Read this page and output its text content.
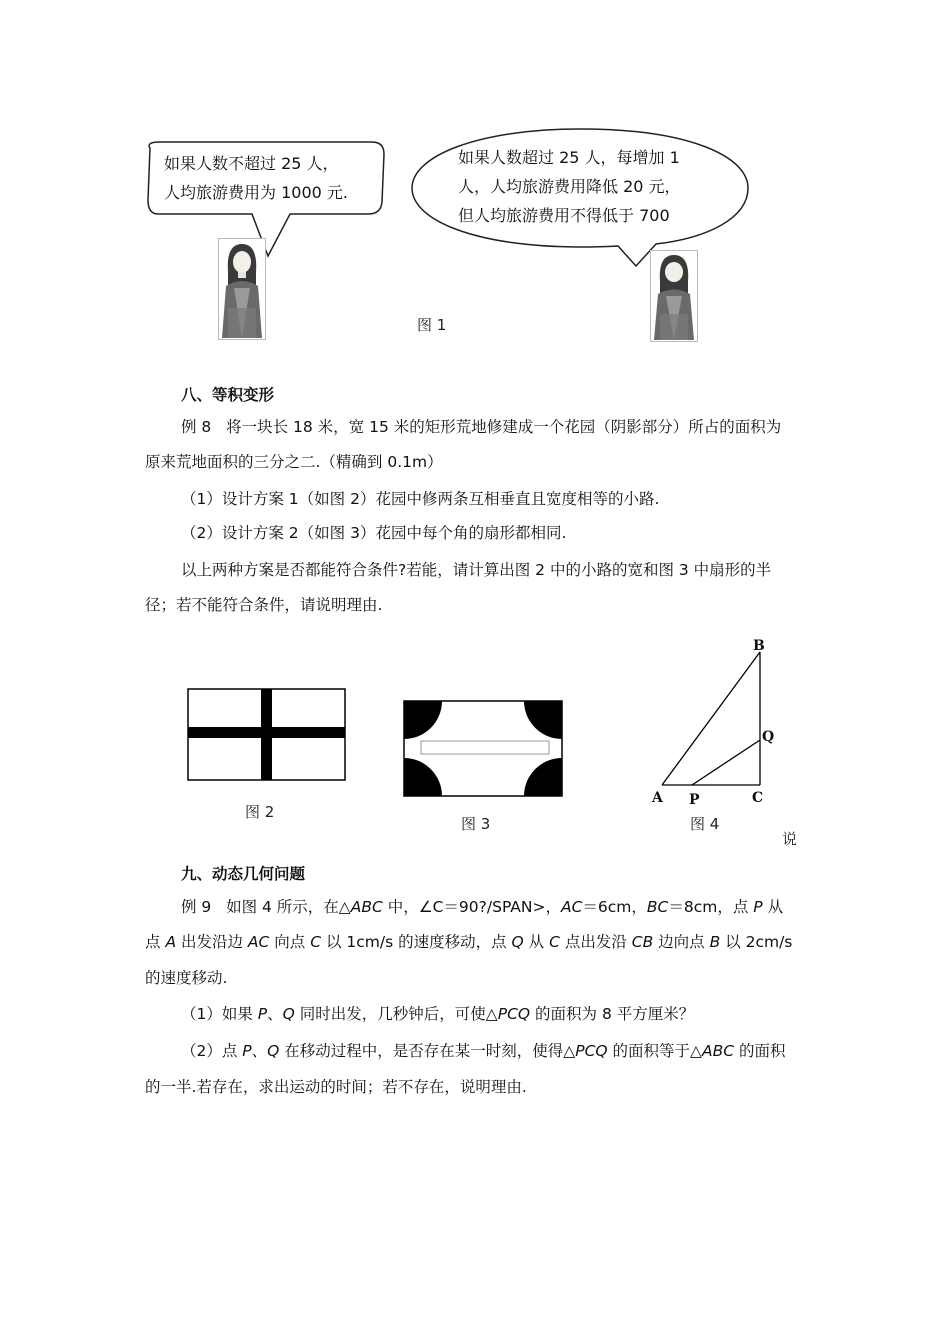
如果人数不超过 25 人，
人均旅游费用为 1000 元.
如果人数超过 25 人，每增加 1
人，人均旅游费用降低 20 元，
但人均旅游费用不得低于 700
图 1
八、等积变形
例 8 将一块长 18 米，宽 15 米的矩形荒地修建成一个花园（阴影部分）所占的面积为
原来荒地面积的三分之二.（精确到 0.1m）
（1）设计方案 1（如图 2）花园中修两条互相垂直且宽度相等的小路.
（2）设计方案 2（如图 3）花园中每个角的扇形都相同.
以上两种方案是否都能符合条件?若能，请计算出图 2 中的小路的宽和图 3 中扇形的半
径；若不能符合条件，请说明理由.
图 2
图 3
B
Q
A P	C
图 4
说
九、动态几何问题
例 9 如图 4 所示，在△ABC 中，∠C＝90?/SPAN>，AC＝6cm，BC＝8cm，点 P 从
点 A 出发沿边 AC 向点 C 以 1cm/s 的速度移动，点 Q 从 C 点出发沿 CB 边向点 B 以 2cm/s
的速度移动.
（1）如果 P、Q 同时出发，几秒钟后，可使△PCQ 的面积为 8 平方厘米？
（2）点 P、Q 在移动过程中，是否存在某一时刻，使得△PCQ 的面积等于△ABC 的面积
的一半.若存在，求出运动的时间；若不存在，说明理由.
